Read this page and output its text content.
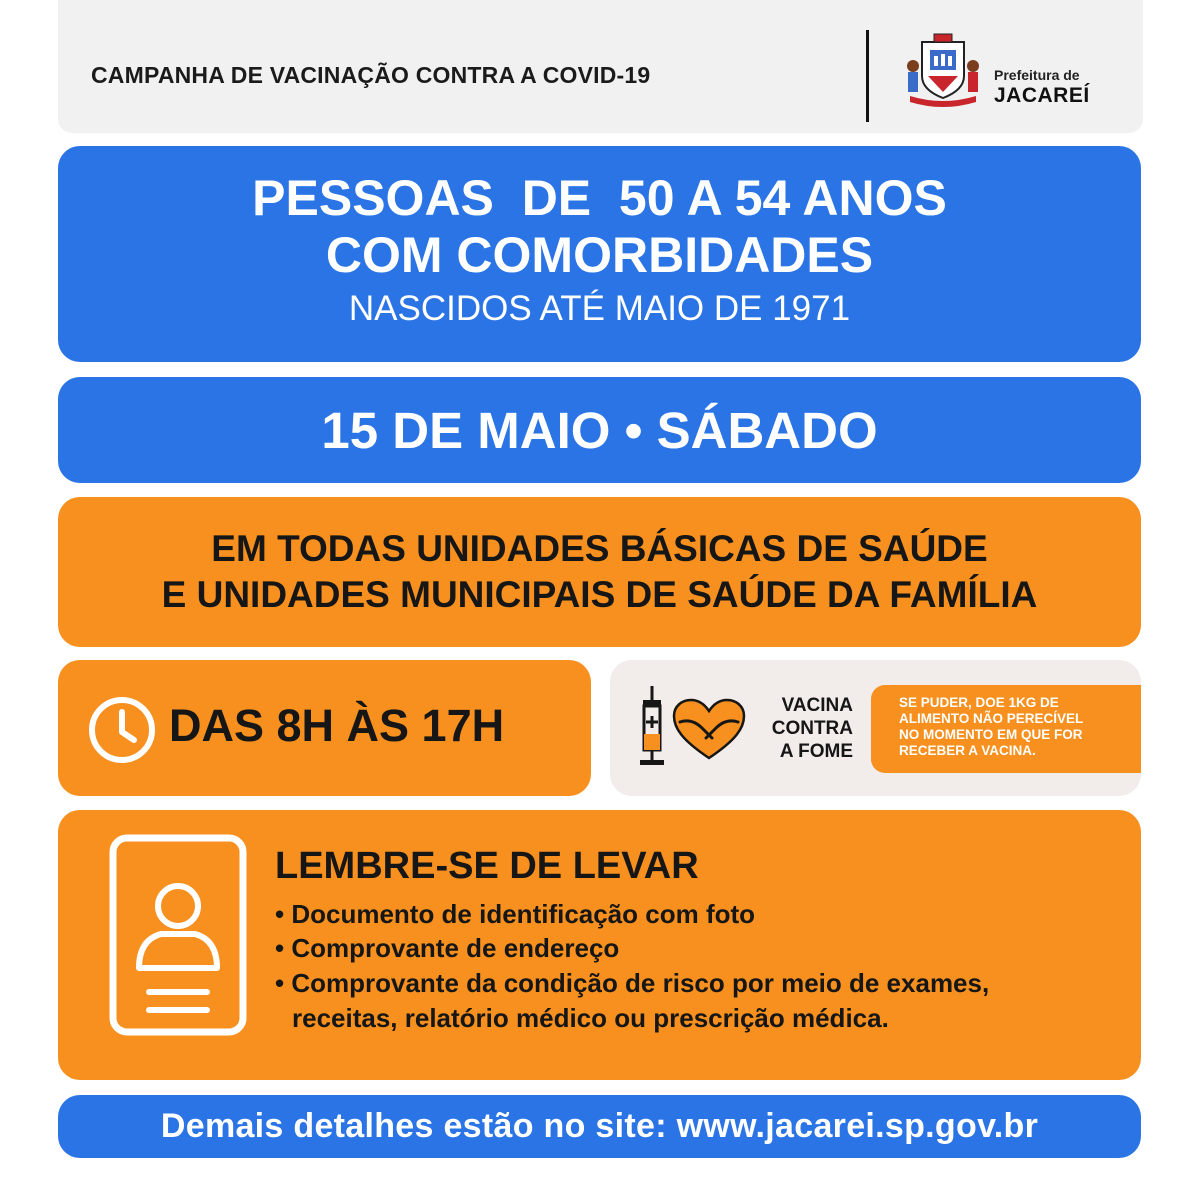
CAMPANHA DE VACINAÇÃO CONTRA A COVID-19	Prefeitura de
JACAREÍ
PESSOAS  DE  50 A 54 ANOS
COM COMORBIDADES
NASCIDOS ATÉ MAIO DE 1971
15 DE MAIO • SÁBADO
EM TODAS UNIDADES BÁSICAS DE SAÚDE
E UNIDADES MUNICIPAIS DE SAÚDE DA FAMÍLIA
DAS 8H ÀS 17H	VACINA
CONTRA
A FOME
SE PUDER, DOE 1KG DE
ALIMENTO NÃO PERECÍVEL
NO MOMENTO EM QUE FOR
RECEBER A VACINA.
LEMBRE-SE DE LEVAR
• Documento de identificação com foto
• Comprovante de endereço
• Comprovante da condição de risco por meio de exames,
receitas, relatório médico ou prescrição médica.
Demais detalhes estão no site: www.jacarei.sp.gov.br
